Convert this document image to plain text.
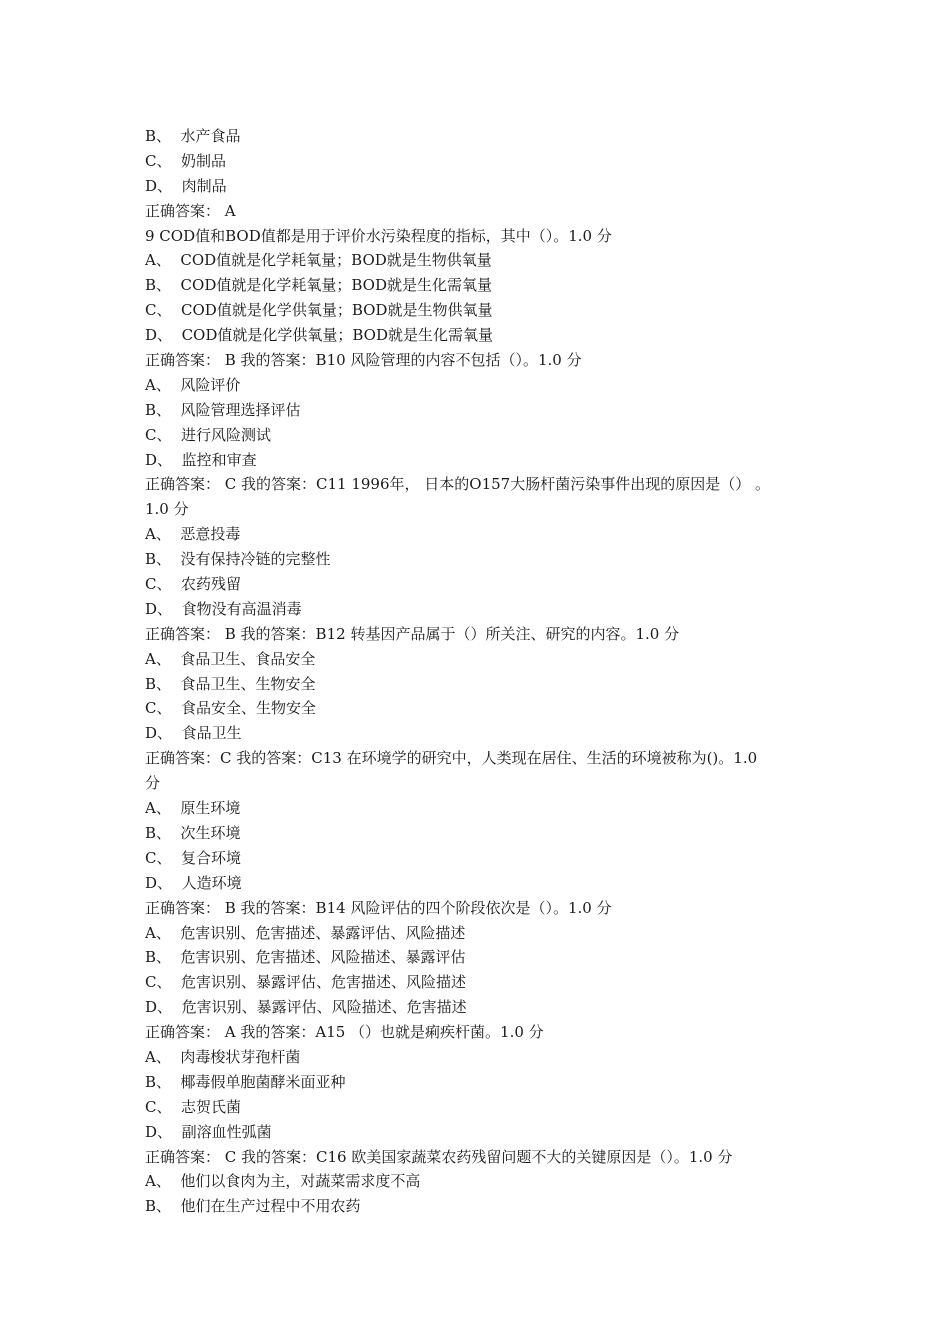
B、  水产食品
C、  奶制品
D、  肉制品
正确答案： A
9 COD值和BOD值都是用于评价水污染程度的指标，其中（）。1.0 分
A、  COD值就是化学耗氧量；BOD就是生物供氧量
B、  COD值就是化学耗氧量；BOD就是生化需氧量
C、  COD值就是化学供氧量；BOD就是生物供氧量
D、  COD值就是化学供氧量；BOD就是生化需氧量
正确答案： B 我的答案：B10 风险管理的内容不包括（）。1.0 分
A、  风险评价
B、  风险管理选择评估
C、  进行风险测试
D、  监控和审查
正确答案： C 我的答案：C11 1996年， 日本的O157大肠杆菌污染事件出现的原因是（） 。
1.0 分
A、  恶意投毒
B、  没有保持冷链的完整性
C、  农药残留
D、  食物没有高温消毒
正确答案： B 我的答案：B12 转基因产品属于（）所关注、研究的内容。1.0 分
A、  食品卫生、食品安全
B、  食品卫生、生物安全
C、  食品安全、生物安全
D、  食品卫生
正确答案：C 我的答案：C13 在环境学的研究中，人类现在居住、生活的环境被称为()。1.0
分
A、  原生环境
B、  次生环境
C、  复合环境
D、  人造环境
正确答案： B 我的答案：B14 风险评估的四个阶段依次是（）。1.0 分
A、  危害识别、危害描述、暴露评估、风险描述
B、  危害识别、危害描述、风险描述、暴露评估
C、  危害识别、暴露评估、危害描述、风险描述
D、  危害识别、暴露评估、风险描述、危害描述
正确答案： A 我的答案：A15 （）也就是痢疾杆菌。1.0 分
A、  肉毒梭状芽孢杆菌
B、  椰毒假单胞菌酵米面亚种
C、  志贺氏菌
D、  副溶血性弧菌
正确答案： C 我的答案：C16 欧美国家蔬菜农药残留问题不大的关键原因是（）。1.0 分
A、  他们以食肉为主，对蔬菜需求度不高
B、  他们在生产过程中不用农药
